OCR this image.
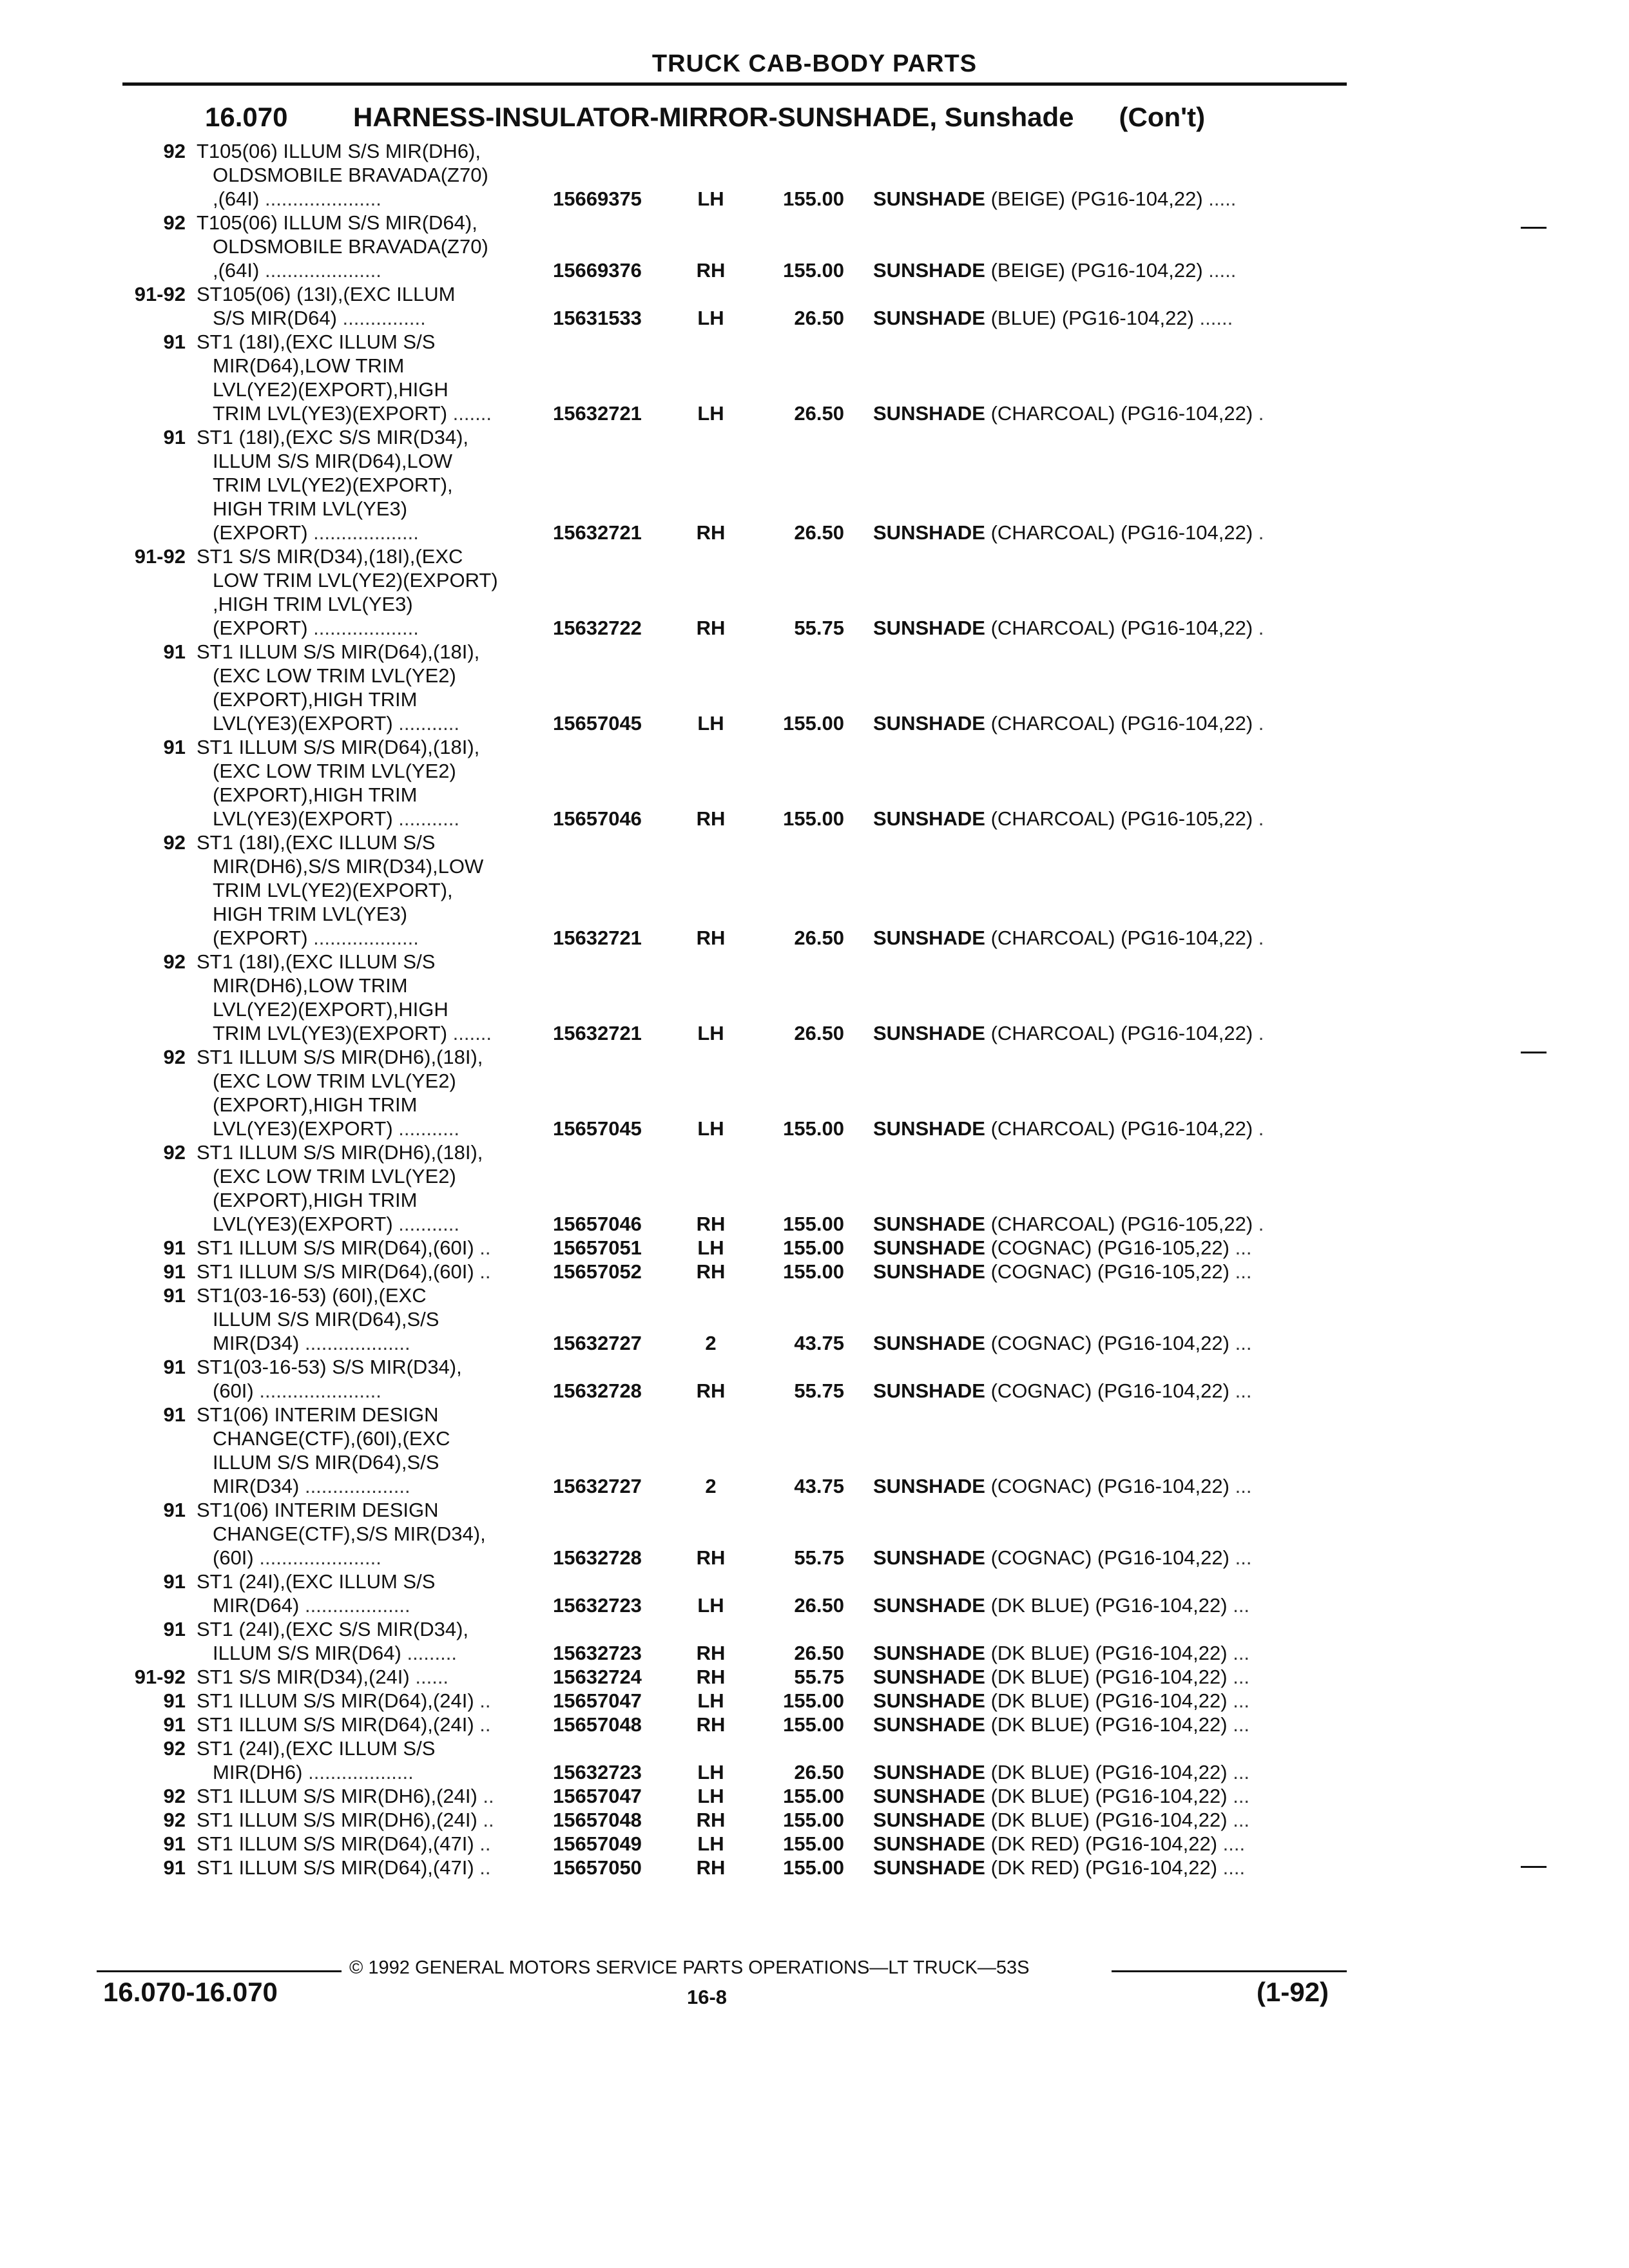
TRUCK CAB-BODY PARTS
16.070 HARNESS-INSULATOR-MIRROR-SUNSHADE, Sunshade (Con't)
92 T105(06) ILLUM S/S MIR(DH6),
OLDSMOBILE BRAVADA(Z70)
,(64I) .....................	15669375	LH	155.00 SUNSHADE (BEIGE) (PG16-104,22) .....
92 T105(06) ILLUM S/S MIR(D64),
OLDSMOBILE BRAVADA(Z70)
,(64I) .....................	15669376	RH	155.00 SUNSHADE (BEIGE) (PG16-104,22) .....
91-92 ST105(06) (13I),(EXC ILLUM
S/S MIR(D64) ...............	15631533	LH	26.50 SUNSHADE (BLUE) (PG16-104,22) ......
91 ST1 (18I),(EXC ILLUM S/S
MIR(D64),LOW TRIM
LVL(YE2)(EXPORT),HIGH
TRIM LVL(YE3)(EXPORT) .......	15632721	LH	26.50 SUNSHADE (CHARCOAL) (PG16-104,22) .
91 ST1 (18I),(EXC S/S MIR(D34),
ILLUM S/S MIR(D64),LOW
TRIM LVL(YE2)(EXPORT),
HIGH TRIM LVL(YE3)
(EXPORT) ...................	15632721	RH	26.50 SUNSHADE (CHARCOAL) (PG16-104,22) .
91-92 ST1 S/S MIR(D34),(18I),(EXC
LOW TRIM LVL(YE2)(EXPORT)
,HIGH TRIM LVL(YE3)
(EXPORT) ...................	15632722	RH	55.75 SUNSHADE (CHARCOAL) (PG16-104,22) .
91 ST1 ILLUM S/S MIR(D64),(18I),
(EXC LOW TRIM LVL(YE2)
(EXPORT),HIGH TRIM
LVL(YE3)(EXPORT) ...........	15657045	LH	155.00 SUNSHADE (CHARCOAL) (PG16-104,22) .
91 ST1 ILLUM S/S MIR(D64),(18I),
(EXC LOW TRIM LVL(YE2)
(EXPORT),HIGH TRIM
LVL(YE3)(EXPORT) ...........	15657046	RH	155.00 SUNSHADE (CHARCOAL) (PG16-105,22) .
92 ST1 (18I),(EXC ILLUM S/S
MIR(DH6),S/S MIR(D34),LOW
TRIM LVL(YE2)(EXPORT),
HIGH TRIM LVL(YE3)
(EXPORT) ...................	15632721	RH	26.50 SUNSHADE (CHARCOAL) (PG16-104,22) .
92 ST1 (18I),(EXC ILLUM S/S
MIR(DH6),LOW TRIM
LVL(YE2)(EXPORT),HIGH
TRIM LVL(YE3)(EXPORT) .......	15632721	LH	26.50 SUNSHADE (CHARCOAL) (PG16-104,22) .
92 ST1 ILLUM S/S MIR(DH6),(18I),
(EXC LOW TRIM LVL(YE2)
(EXPORT),HIGH TRIM
LVL(YE3)(EXPORT) ...........	15657045	LH	155.00 SUNSHADE (CHARCOAL) (PG16-104,22) .
92 ST1 ILLUM S/S MIR(DH6),(18I),
(EXC LOW TRIM LVL(YE2)
(EXPORT),HIGH TRIM
LVL(YE3)(EXPORT) ...........	15657046	RH	155.00 SUNSHADE (CHARCOAL) (PG16-105,22) .
91 ST1 ILLUM S/S MIR(D64),(60I) ..	15657051	LH	155.00 SUNSHADE (COGNAC) (PG16-105,22) ...
91 ST1 ILLUM S/S MIR(D64),(60I) ..	15657052	RH	155.00 SUNSHADE (COGNAC) (PG16-105,22) ...
91 ST1(03-16-53) (60I),(EXC
ILLUM S/S MIR(D64),S/S
MIR(D34) ...................	15632727	2	43.75 SUNSHADE (COGNAC) (PG16-104,22) ...
91 ST1(03-16-53) S/S MIR(D34),
(60I) ......................	15632728	RH	55.75 SUNSHADE (COGNAC) (PG16-104,22) ...
91 ST1(06) INTERIM DESIGN
CHANGE(CTF),(60I),(EXC
ILLUM S/S MIR(D64),S/S
MIR(D34) ...................	15632727	2	43.75 SUNSHADE (COGNAC) (PG16-104,22) ...
91 ST1(06) INTERIM DESIGN
CHANGE(CTF),S/S MIR(D34),
(60I) ......................	15632728	RH	55.75 SUNSHADE (COGNAC) (PG16-104,22) ...
91 ST1 (24I),(EXC ILLUM S/S
MIR(D64) ...................	15632723	LH	26.50 SUNSHADE (DK BLUE) (PG16-104,22) ...
91 ST1 (24I),(EXC S/S MIR(D34),
ILLUM S/S MIR(D64) .........	15632723	RH	26.50 SUNSHADE (DK BLUE) (PG16-104,22) ...
91-92 ST1 S/S MIR(D34),(24I) ......	15632724	RH	55.75 SUNSHADE (DK BLUE) (PG16-104,22) ...
91 ST1 ILLUM S/S MIR(D64),(24I) ..	15657047	LH	155.00 SUNSHADE (DK BLUE) (PG16-104,22) ...
91 ST1 ILLUM S/S MIR(D64),(24I) ..	15657048	RH	155.00 SUNSHADE (DK BLUE) (PG16-104,22) ...
92 ST1 (24I),(EXC ILLUM S/S
MIR(DH6) ...................	15632723	LH	26.50 SUNSHADE (DK BLUE) (PG16-104,22) ...
92 ST1 ILLUM S/S MIR(DH6),(24I) ..	15657047	LH	155.00 SUNSHADE (DK BLUE) (PG16-104,22) ...
92 ST1 ILLUM S/S MIR(DH6),(24I) ..	15657048	RH	155.00 SUNSHADE (DK BLUE) (PG16-104,22) ...
91 ST1 ILLUM S/S MIR(D64),(47I) ..	15657049	LH	155.00 SUNSHADE (DK RED) (PG16-104,22) ....
91 ST1 ILLUM S/S MIR(D64),(47I) ..	15657050	RH	155.00 SUNSHADE (DK RED) (PG16-104,22) ....
© 1992 GENERAL MOTORS SERVICE PARTS OPERATIONS—LT TRUCK—53S
16.070-16.070	16-8	(1-92)
